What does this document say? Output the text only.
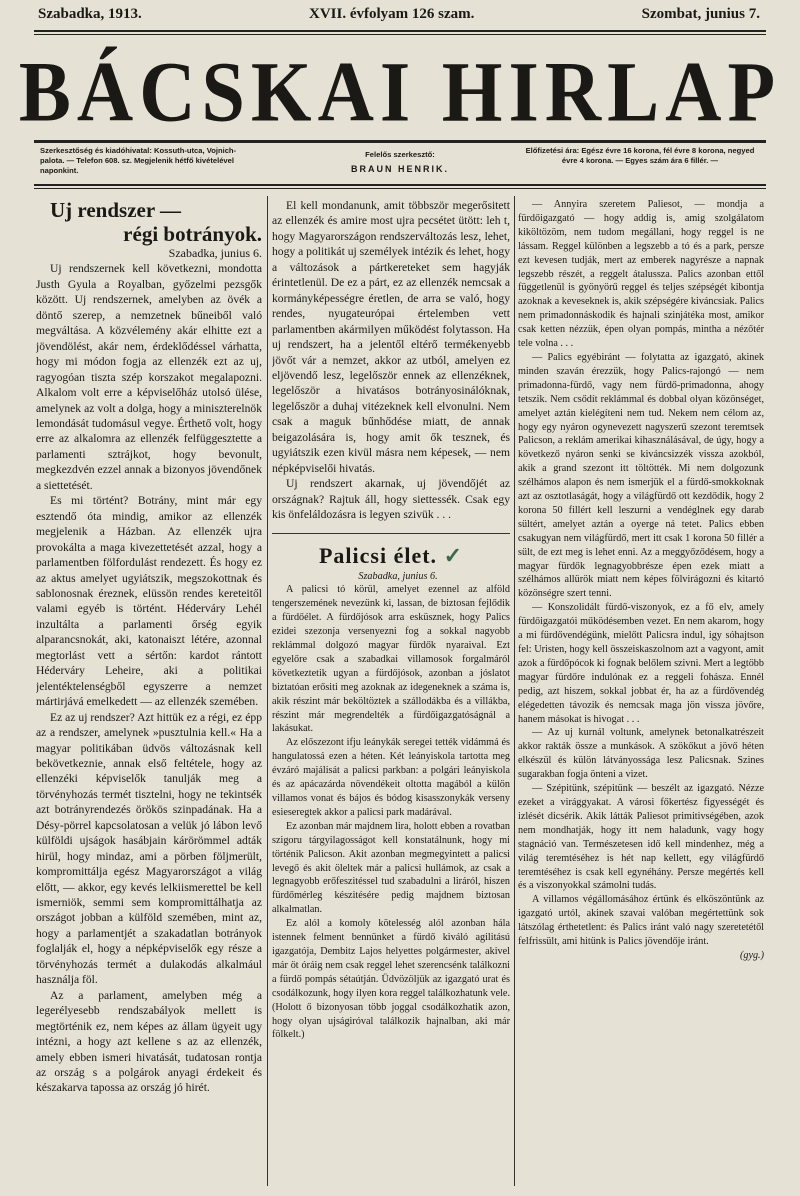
Szabadka, 1913.	XVII. évfolyam 126 szam.	Szombat, junius 7.
BÁCSKAI HIRLAP
Szerkesztőség és kiadóhivatal: Kossuth-utca, Vojnich-palota. — Telefon 608. sz. Megjelenik hétfő kivételével naponkint.
Felelős szerkesztő:
BRAUN HENRIK.
Előfizetési ára: Egész évre 16 korona, fél évre 8 korona, negyed évre 4 korona. — Egyes szám ára 6 fillér. —

Uj rendszer —

régi botrányok.

Szabadka, junius 6.

Uj rendszernek kell következni, mondotta Justh Gyula a Royalban, győzelmi pezsgők között. Uj rendszernek, amelyben az övék a döntő szerep, a nemzetnek bűneiből való megváltása. A közvélemény akár elhitte ezt a jövendölést, akár nem, érdeklődéssel várhatta, hogy mi módon fogja az ellenzék ezt az uj, ragyogóan tiszta szép korszakot megalapozni. Alkalom volt erre a képviselőház utolsó ülése, amelynek az volt a dolga, hogy a miniszterelnök lemondását tudomásul vegye. Érthető volt, hogy erre az alkalomra az ellenzék felfüggesztette a parlamenti sztrájkot, hogy bevonult, megkezdvén ezzel annak a bizonyos jövendőnek a siettetését.

Es mi történt? Botrány, mint már egy esztendő óta mindig, amikor az ellenzék megjelenik a Házban. Az ellenzék ujra provokálta a maga kivezettetését azzal, hogy a parlamentben fölfordulást rendezett. És hogy ez az aktus amelyet ugyiátszik, megszokottnak és sablonosnak éreznek, elüssön rendes kereteitől valami egyéb is történt. Héderváry Lehél inzultálta a parlamenti őrség egyik alparancsnokát, aki, katonaiszt létére, azonnal megtorlást vett a sértőn: kardot rántott Héderváry Leheire, aki a politikai jelentéktelenségből egyszerre a nemzet mártirjává emelkedett — az ellenzék szemében.

Ez az uj rendszer? Azt hittük ez a régi, ez épp az a rendszer, amelynek »pusztulnia kell.« Ha a magyar politikában üdvös változásnak kell bekövetkeznie, annak első feltétele, hogy az ellenzéki képviselők tanulják meg a törvényhozás termét tisztelni, hogy ne tekintsék azt botrányrendezés örökös szinpadának. Ha a Désy-pörrel kapcsolatosan a velük jó lábon levő külföldi ujságok hasábjain kárörömmel adták hirül, hogy mindaz, ami a pörben följmerült, kompromittálja egész Magyarországot a világ előtt, — akkor, egy kevés lelkiismerettel be kell ismerniök, semmi sem kompromittálhatja az országot jobban a külföld szemében, mint az, hogy a parlamentjét a szakadatlan botrányok foglalják el, hogy a népképviselők egy része a törvényhozás termét a dulakodás alkalmául használja föl.

Az a parlament, amelyben még a legerélyesebb rendszabályok mellett is megtörténik ez, nem képes az állam ügyeit ugy intézni, a hogy azt kellene s az az ellenzék, amely ebben ismeri hivatását, tudatosan rontja az ország s a polgárok anyagi érdekeit és készakarva tapossa az ország jó hirét.

El kell mondanunk, amit többször megerősitett az ellenzék és amire most ujra pecsétet ütött: leh t, hogy Magyarországon rendszerváltozás lesz, lehet, hogy a politikát uj személyek intézik és lehet, hogy a változások a pártkereteket sem hagyják érintetlenül. De ez a párt, ez az ellenzék nemcsak a kormányképességre éretlen, de arra se való, hogy rendes, nyugateurópai értelemben vett parlamentben akármilyen működést folytasson. Ha uj rendszert, ha a jelentől eltérő termékenyebb jövőt vár a nemzet, akkor az utból, amelyen ez eljövendő lesz, legelőször ennek az ellenzéknek, legelőször a hivatásos botrányosinálóknak, legelőször a duhaj vitézeknek kell elvonulni. Nem csak a maguk bűnhődése miatt, de annak beigazolására is, hogy amit ők tesznek, és ugyiátszik ezen kivül másra nem képesek, — nem népképviselői hivatás.

Uj rendszert akarnak, uj jövendőjét az országnak? Rajtuk áll, hogy siettessék. Csak egy kis önfeláldozásra is legyen szivük . . .

Palicsi élet. ✓

Szabadka, junius 6.

A palicsi tó körül, amelyet ezennel az alföld tengerszemének nevezünk ki, lassan, de biztosan fejlődik a fürdőélet. A fürdőjósok arra esküsznek, hogy Palics ezidei szezonja versenyezni fog a sokkal nagyobb reklámmal dolgozó magyar fürdők nyaraival. Ezt egyelőre csak a szabadkai villamosok forgalmáról következtetik ugyan a fürdőjósok, azonban a jóslatot biztatóan erősiti meg azoknak az idegeneknek a száma is, akik részint már beköltöztek a szállodákba és a villákba, részint már megrendelték a fürdőigazgatóságnál a lakásukat.

Az előszezont ifju leánykák seregei tették vidámmá és hangulatossá ezen a héten. Két leányiskola tartotta meg évzáró majálisát a palicsi parkban: a polgári leányiskola és az apácazárda növendékeit oltotta magából a külön villamos vonat és bájos és bódog kisasszonykák verseny esieseregtek akkor a palicsi park madárával.

Ez azonban már majdnem lira, holott ebben a rovatban szigoru tárgyilagosságot kell konstatálnunk, hogy mi történik Palicson. Akit azonban megmegyintett a palicsi levegő és akit öleltek már a palicsi hullámok, az csak a legnagyobb erőfeszitéssel tud szabadulni a liráról, hiszen fürdőmérleg készitésére pedig majdnem biztosan alkalmatlan.

Ez alól a komoly kötelesség alól azonban hála istennek felment bennünket a fürdő kiváló agilitású igazgatója, Dembitz Lajos helyettes polgármester, akivel már öt óráig nem csak reggel lehet szerencsénk találkozni a fürdő pompás sétaútján. Üdvözöljük az igazgató urat és csodálkozunk, hogy ilyen kora reggel találkozhatunk vele. (Holott ő bizonyosan több joggal csodálkozhatik azon, hogy olyan ujságiróval találkozik hajnalban, aki már fölkelt.)

— Annyira szeretem Paliesot, — mondja a fürdőigazgató — hogy addig is, amig szolgálatom kiköltözöm, nem tudom megállani, hogy reggel is ne lássam. Reggel különben a legszebb a tó és a park, persze ezt kevesen tudják, mert az emberek nagyrésze a napnak legszebb részét, a reggelt átalussza. Palics azonban ettől függetlenül is gyönyörű reggel és teljes szépségét kibontja azoknak a keveseknek is, akik szépségére kiváncsiak. Palics nem primadonnáskodik és hajnali szinjátéka most, amikor csak ketten nézzük, épen olyan pompás, mintha a nézőtér tele volna . . .

— Palics egyébiránt — folytatta az igazgató, akinek minden szaván érezzük, hogy Palics-rajongó — nem primadonna-fürdő, vagy nem fürdő-primadonna, ahogy tetszik. Nem csődít reklámmal és dobbal olyan közönséget, amelyet aztán kielégíteni nem tud. Nekem nem célom az, hogy egy nyáron ogynevezett nagyszerű szezont teremtsek Palicson, a reklám amerikai kihasználásával, de úgy, hogy a következő nyáron senki se kiváncsizzék vissza azokból, akik a grand szezont itt töltötték. Mi nem dolgozunk szélhámos alapon és nem ismerjük el a fürdő-smokkoknak azt az osztotlaságát, hogy a világfürdő ott kezdődik, hogy 2 korona 50 fillért kell leszurni a vendéglnek egy darab sültért, amelyet aztán a oyerge ná tetet. Palics ebben csakugyan nem világfürdő, mert itt csak 1 korona 50 fillér a sült, de ezt meg is lehet enni. Az a meggyőződésem, hogy a magyar fürdők legnagyobbrésze épen ezek miatt a szélhámos allürök miatt nem képes fölvirágozni és kitartó közönségre szert tenni.

— Konszolidált fürdő-viszonyok, ez a fő elv, amely fürdőigazgatói működésemben vezet. En nem akarom, hogy a mi fürdővendégünk, mielőtt Palicsra indul, igy sóhajtson fel: Uristen, hogy kell összeiskaszolnom azt a vagyont, amit azok a fürdőpócok ki fognak belőlem szivni. Mert a legtöbb magyar fürdőre indulónak ez a reggeli fohásza. Ennél pedig, azt hiszem, sokkal jobbat ér, ha az a fürdővendég elégedetten távozik és nemcsak maga jön vissza jövőre, hanem másokat is hivogat . . .

— Az uj kurnál voltunk, amelynek betonalkatrészeit akkor rakták össze a munkások. A szökőkut a jövő héten elkészül és külön látványossága lesz Palicsnak. Szines sugarakban fogja önteni a vizet.

— Szépitünk, szépitünk — beszélt az igazgató. Nézze ezeket a virággyakat. A városi főkertész figyességét és izlését dicsérik. Akik látták Paliesot primitivségében, azok nem mondhatják, hogy itt nem haladunk, vagy hogy stagnáció van. Természetesen idő kell mindenhez, még a világ teremtéséhez is hét nap kellett, egy világfürdő teremtéséhez is csak kell egynéhány. Persze megértés kell és a viszonyokkal számolni tudás.

A villamos végállomásához értünk és elköszöntünk az igazgató urtól, akinek szavai valóban megértettünk sok látszólag érthetetlent: és Palics iránt való nagy szeretetétől felfrissült, ami hitünk is Palics jövendője iránt.

(gyg.)
